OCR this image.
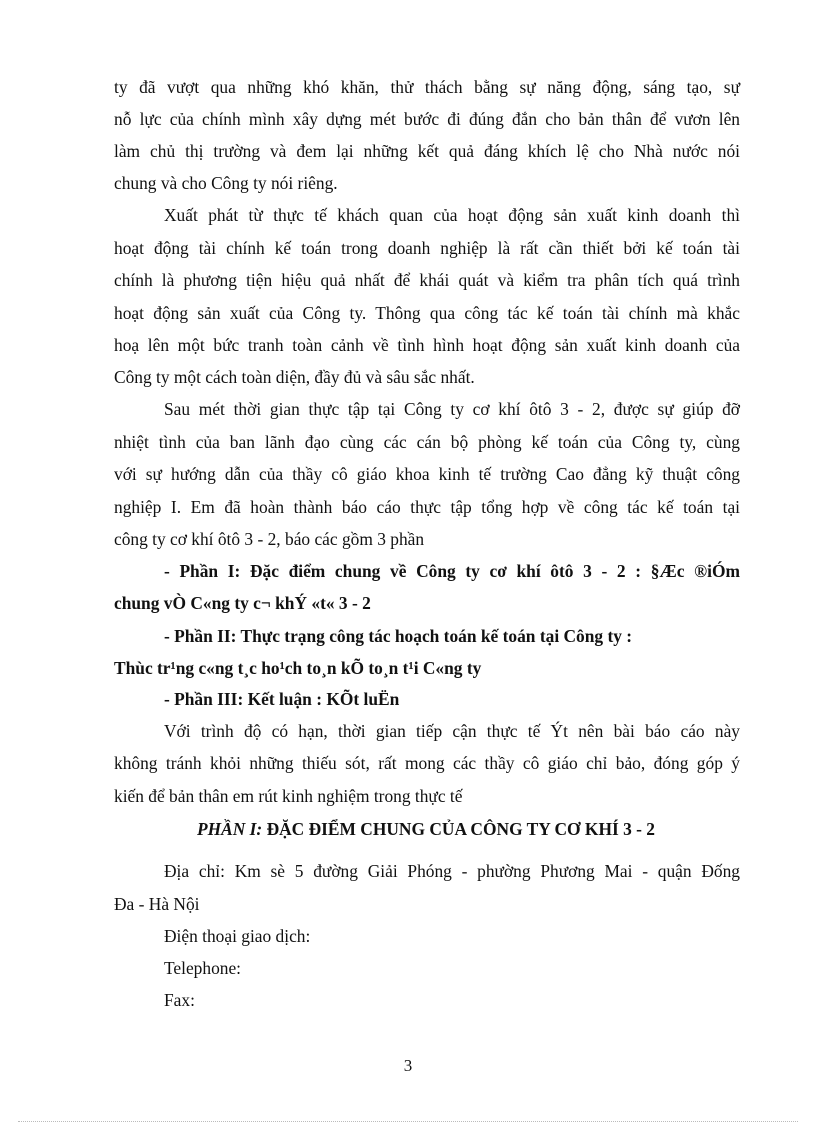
ty đã vượt qua những khó khăn, thử thách bằng sự năng động, sáng tạo, sự
nỗ lực của chính mình xây dựng mét bước đi đúng đắn cho bản thân để vươn lên
làm chủ thị trường và đem lại những kết quả đáng khích lệ cho Nhà nước nói
chung và cho Công ty nói riêng.
Xuất phát từ thực tế khách quan của hoạt động sản xuất kinh doanh thì
hoạt động tài chính kế toán trong doanh nghiệp là rất cần thiết bởi kế toán tài
chính là phương tiện hiệu quả nhất để khái quát và kiểm tra phân tích quá trình
hoạt động sản xuất của Công ty. Thông qua công tác kế toán tài chính mà khắc
hoạ lên một bức tranh toàn cảnh về tình hình hoạt động sản xuất kinh doanh của
Công ty một cách toàn diện, đầy đủ và sâu sắc nhất.
Sau mét thời gian thực tập tại Công ty cơ khí ôtô 3 - 2, được sự giúp đỡ
nhiệt tình của ban lãnh đạo cùng các cán bộ phòng kế toán của Công ty, cùng
với sự hướng dẫn của thầy cô giáo khoa kinh tế trường Cao đẳng kỹ thuật công
nghiệp I. Em đã hoàn thành báo cáo thực tập tổng hợp về công tác kế toán tại
công ty cơ khí ôtô 3 - 2, báo các gồm 3 phần
- Phần I: Đặc điểm chung về Công ty cơ khí ôtô 3 - 2 : §Æc ®iÓm
chung vÒ C«ng ty c¬ khÝ «t« 3 - 2
- Phần II: Thực trạng công tác hoạch toán kế toán tại Công ty :
Thùc tr¹ng c«ng t¸c ho¹ch to¸n kÕ to¸n t¹i C«ng ty
- Phần III: Kết luận : KÕt luËn
Với trình độ có hạn, thời gian tiếp cận thực tế Ýt nên bài báo cáo này
không tránh khỏi những thiếu sót, rất mong các thầy cô giáo chỉ bảo, đóng góp ý
kiến để bản thân em rút kinh nghiệm trong thực tế
Địa chỉ: Km sè 5 đường Giải Phóng - phường Phương Mai - quận Đống
Đa - Hà Nội
Điện thoại giao dịch:
Telephone:
Fax:
PHẦN I: ĐẶC ĐIỂM CHUNG CỦA CÔNG TY CƠ KHÍ 3 - 2
3
